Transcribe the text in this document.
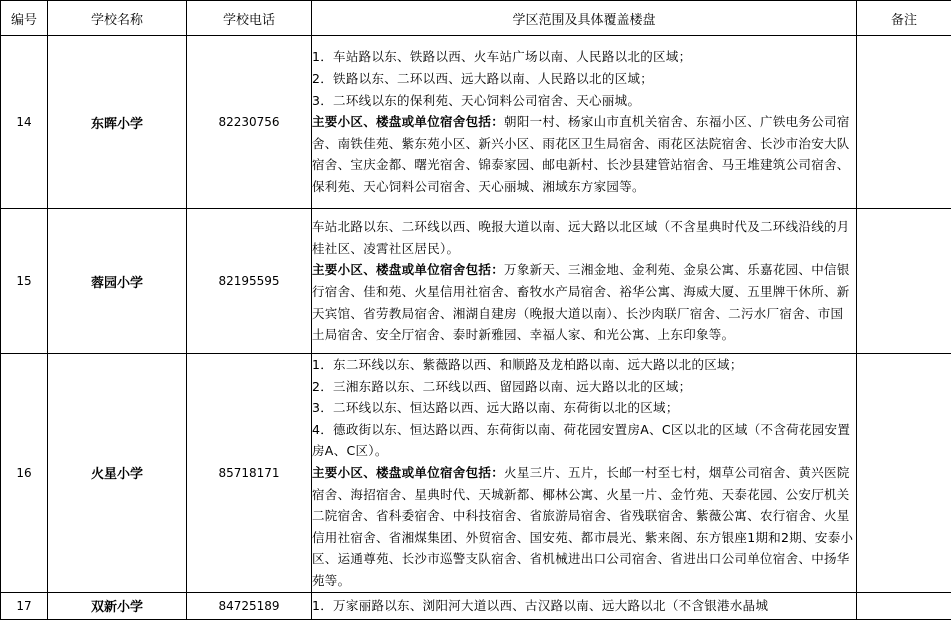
编号	学校名称	学校电话	学区范围及具体覆盖楼盘	备注
14	东晖小学	82230756	1．车站路以东、铁路以西、火车站广场以南、人民路以北的区域；
2．铁路以东、二环以西、远大路以南、人民路以北的区域；
3．二环线以东的保利苑、天心饲料公司宿舍、天心丽城。
主要小区、楼盘或单位宿舍包括：朝阳一村、杨家山市直机关宿舍、东福小区、广铁电务公司宿舍、南铁佳苑、紫东苑小区、新兴小区、雨花区卫生局宿舍、雨花区法院宿舍、长沙市治安大队宿舍、宝庆金都、曙光宿舍、锦泰家园、邮电新村、长沙县建管站宿舍、马王堆建筑公司宿舍、保利苑、天心饲料公司宿舍、天心丽城、湘域东方家园等。	

15	蓉园小学	82195595	车站北路以东、二环线以西、晚报大道以南、远大路以北区域（不含星典时代及二环线沿线的月桂社区、凌霄社区居民）。
主要小区、楼盘或单位宿舍包括：万象新天、三湘金地、金利苑、金泉公寓、乐嘉花园、中信银行宿舍、佳和苑、火星信用社宿舍、畜牧水产局宿舍、裕华公寓、海威大厦、五里牌干休所、新天宾馆、省劳教局宿舍、湘湖自建房（晚报大道以南）、长沙肉联厂宿舍、二污水厂宿舍、市国土局宿舍、安全厅宿舍、泰时新雅园、幸福人家、和光公寓、上东印象等。	

16	火星小学	85718171	1．东二环线以东、紫薇路以西、和顺路及龙柏路以南、远大路以北的区域；
2．三湘东路以东、二环线以西、留园路以南、远大路以北的区域；
3．二环线以东、恒达路以西、远大路以南、东荷街以北的区域；
4．德政街以东、恒达路以西、东荷街以南、荷花园安置房A、C区以北的区域（不含荷花园安置房A、C区）。
主要小区、楼盘或单位宿舍包括：火星三片、五片，长邮一村至七村，烟草公司宿舍、黄兴医院宿舍、海招宿舍、星典时代、天城新都、椰林公寓、火星一片、金竹苑、天泰花园、公安厅机关二院宿舍、省科委宿舍、中科技宿舍、省旅游局宿舍、省残联宿舍、紫薇公寓、农行宿舍、火星信用社宿舍、省湘煤集团、外贸宿舍、国安苑、都市晨光、紫来阁、东方银座1期和2期、安泰小区、运通尊苑、长沙市巡警支队宿舍、省机械进出口公司宿舍、省进出口公司单位宿舍、中扬华苑等。	

17	双新小学	84725189	1．万家丽路以东、浏阳河大道以西、古汉路以南、远大路以北（不含银港水晶城	
